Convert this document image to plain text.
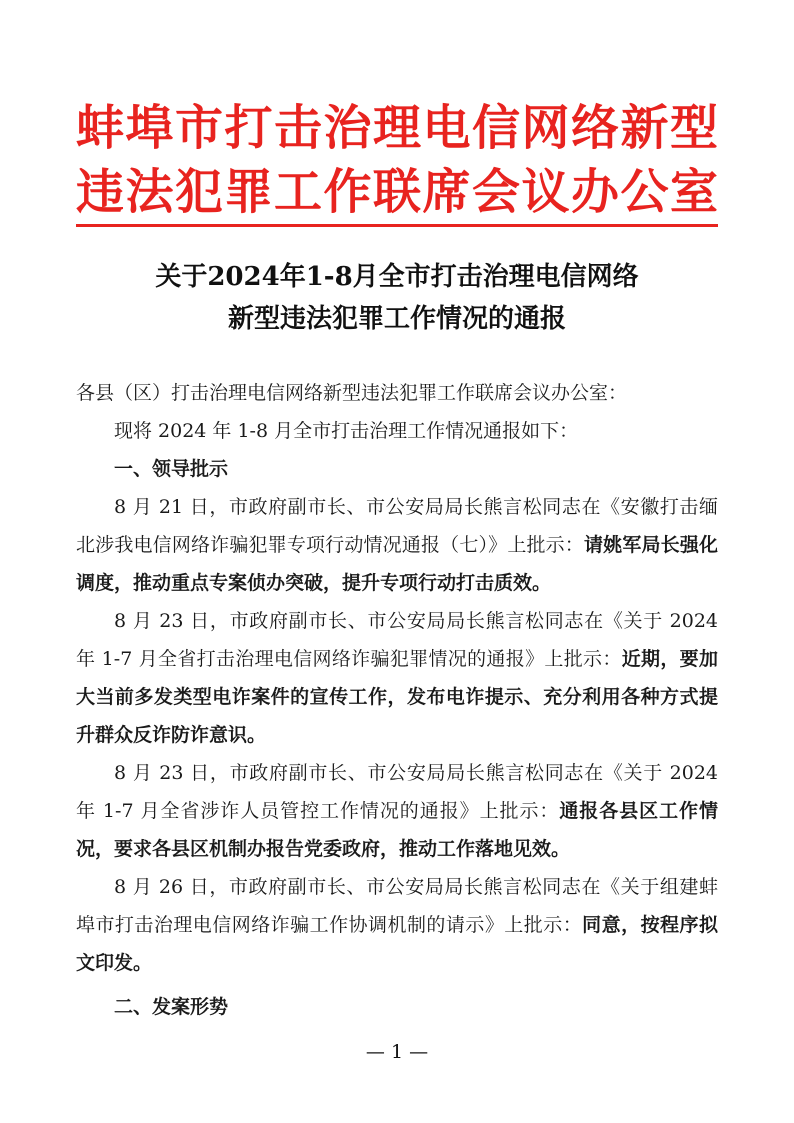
蚌埠市打击治理电信网络新型
违法犯罪工作联席会议办公室
关于2024年1-8月全市打击治理电信网络
新型违法犯罪工作情况的通报

各县（区）打击治理电信网络新型违法犯罪工作联席会议办公室：

现将 2024 年 1-8 月全市打击治理工作情况通报如下：

一、领导批示

8 月 21 日，市政府副市长、市公安局局长熊言松同志在《安徽打击缅北涉我电信网络诈骗犯罪专项行动情况通报（七）》上批示：请姚军局长强化调度，推动重点专案侦办突破，提升专项行动打击质效。

8 月 23 日，市政府副市长、市公安局局长熊言松同志在《关于 2024 年 1-7 月全省打击治理电信网络诈骗犯罪情况的通报》上批示：近期，要加大当前多发类型电诈案件的宣传工作，发布电诈提示、充分利用各种方式提升群众反诈防诈意识。

8 月 23 日，市政府副市长、市公安局局长熊言松同志在《关于 2024 年 1-7 月全省涉诈人员管控工作情况的通报》上批示：通报各县区工作情况，要求各县区机制办报告党委政府，推动工作落地见效。

8 月 26 日，市政府副市长、市公安局局长熊言松同志在《关于组建蚌埠市打击治理电信网络诈骗工作协调机制的请示》上批示：同意，按程序拟文印发。

二、发案形势

— 1 —
